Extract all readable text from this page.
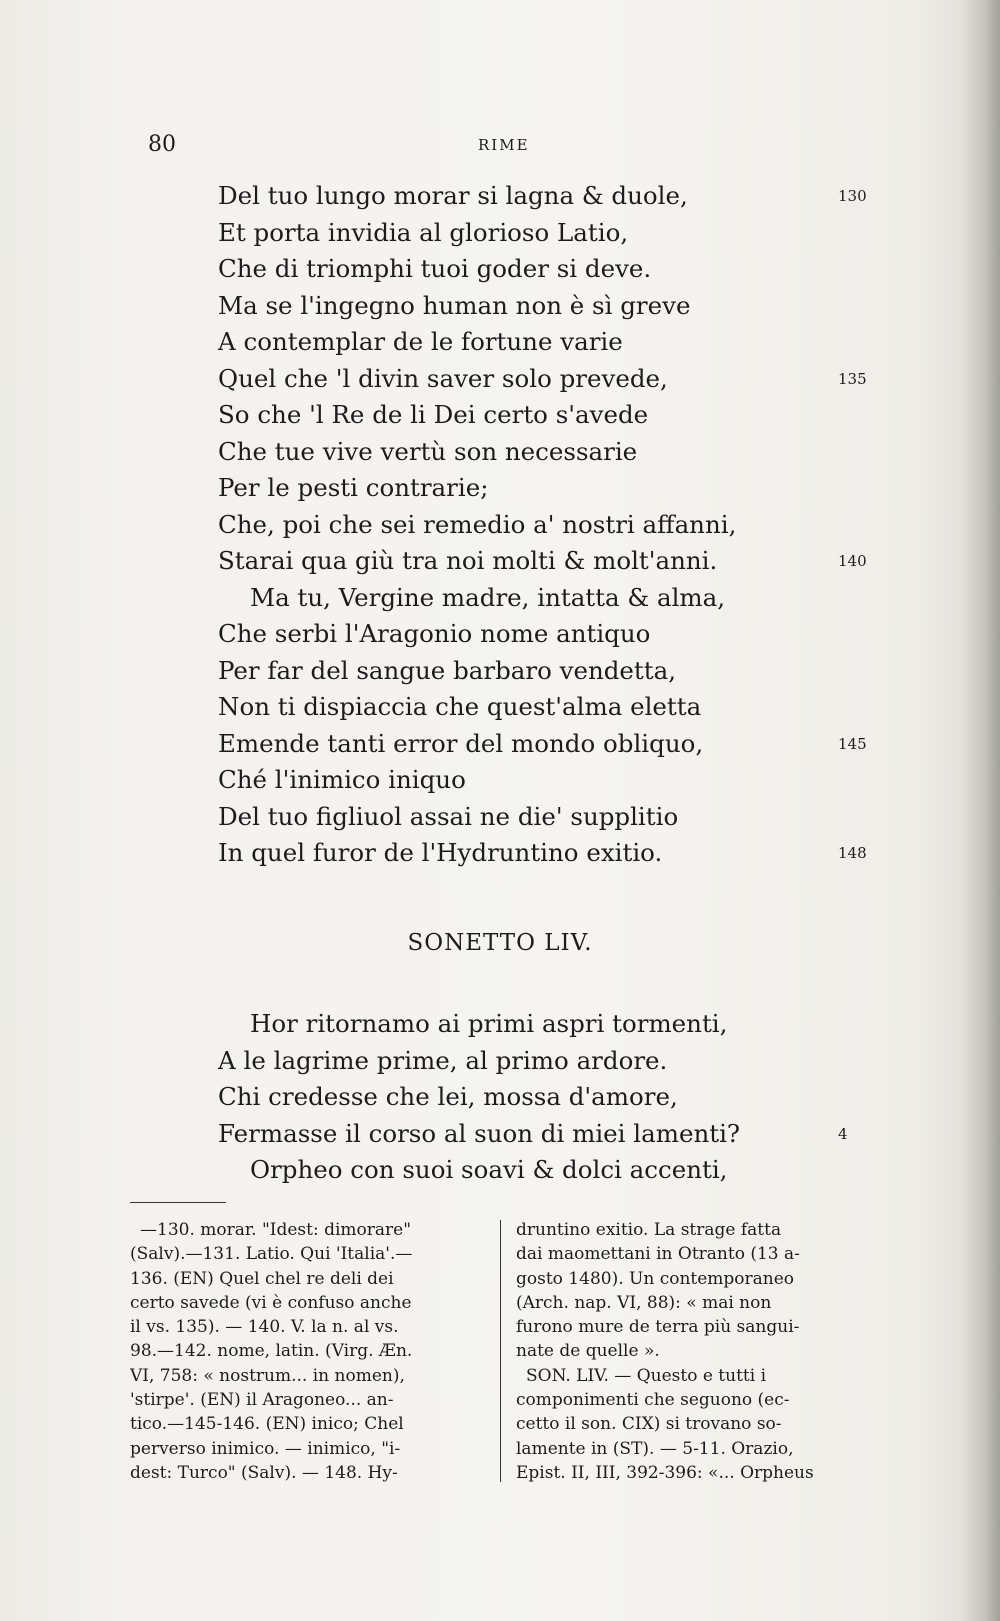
80	RIME
Del tuo lungo morar si lagna & duole,	130
Et porta invidia al glorioso Latio,
Che di triomphi tuoi goder si deve.
Ma se l'ingegno human non è sì greve
A contemplar de le fortune varie
Quel che 'l divin saver solo prevede,	135
So che 'l Re de li Dei certo s'avede
Che tue vive vertù son necessarie
Per le pesti contrarie;
Che, poi che sei remedio a' nostri affanni,
Starai qua giù tra noi molti & molt'anni.	140
Ma tu, Vergine madre, intatta & alma,
Che serbi l'Aragonio nome antiquo
Per far del sangue barbaro vendetta,
Non ti dispiaccia che quest'alma eletta
Emende tanti error del mondo obliquo,	145
Ché l'inimico iniquo
Del tuo figliuol assai ne die' supplitio
In quel furor de l'Hydruntino exitio.	148
SONETTO LIV.
Hor ritornamo ai primi aspri tormenti,
A le lagrime prime, al primo ardore.
Chi credesse che lei, mossa d'amore,
Fermasse il corso al suon di miei lamenti?	4
Orpheo con suoi soavi & dolci accenti,
—130. morar. "Idest: dimorare"
(Salv).—131. Latio. Qui 'Italia'.—
136. (EN) Quel chel re deli dei
certo savede (vi è confuso anche
il vs. 135). — 140. V. la n. al vs.
98.—142. nome, latin. (Virg. Æn.
VI, 758: « nostrum... in nomen),
'stirpe'. (EN) il Aragoneo... an-
tico.—145-146. (EN) inico; Chel
perverso inimico. — inimico, "i-
dest: Turco" (Salv). — 148. Hy-
druntino exitio. La strage fatta
dai maomettani in Otranto (13 a-
gosto 1480). Un contemporaneo
(Arch. nap. VI, 88): « mai non
furono mure de terra più sangui-
nate de quelle ».
SON. LIV. — Questo e tutti i
componimenti che seguono (ec-
cetto il son. CIX) si trovano so-
lamente in (ST). — 5-11. Orazio,
Epist. II, III, 392-396: «... Orpheus
